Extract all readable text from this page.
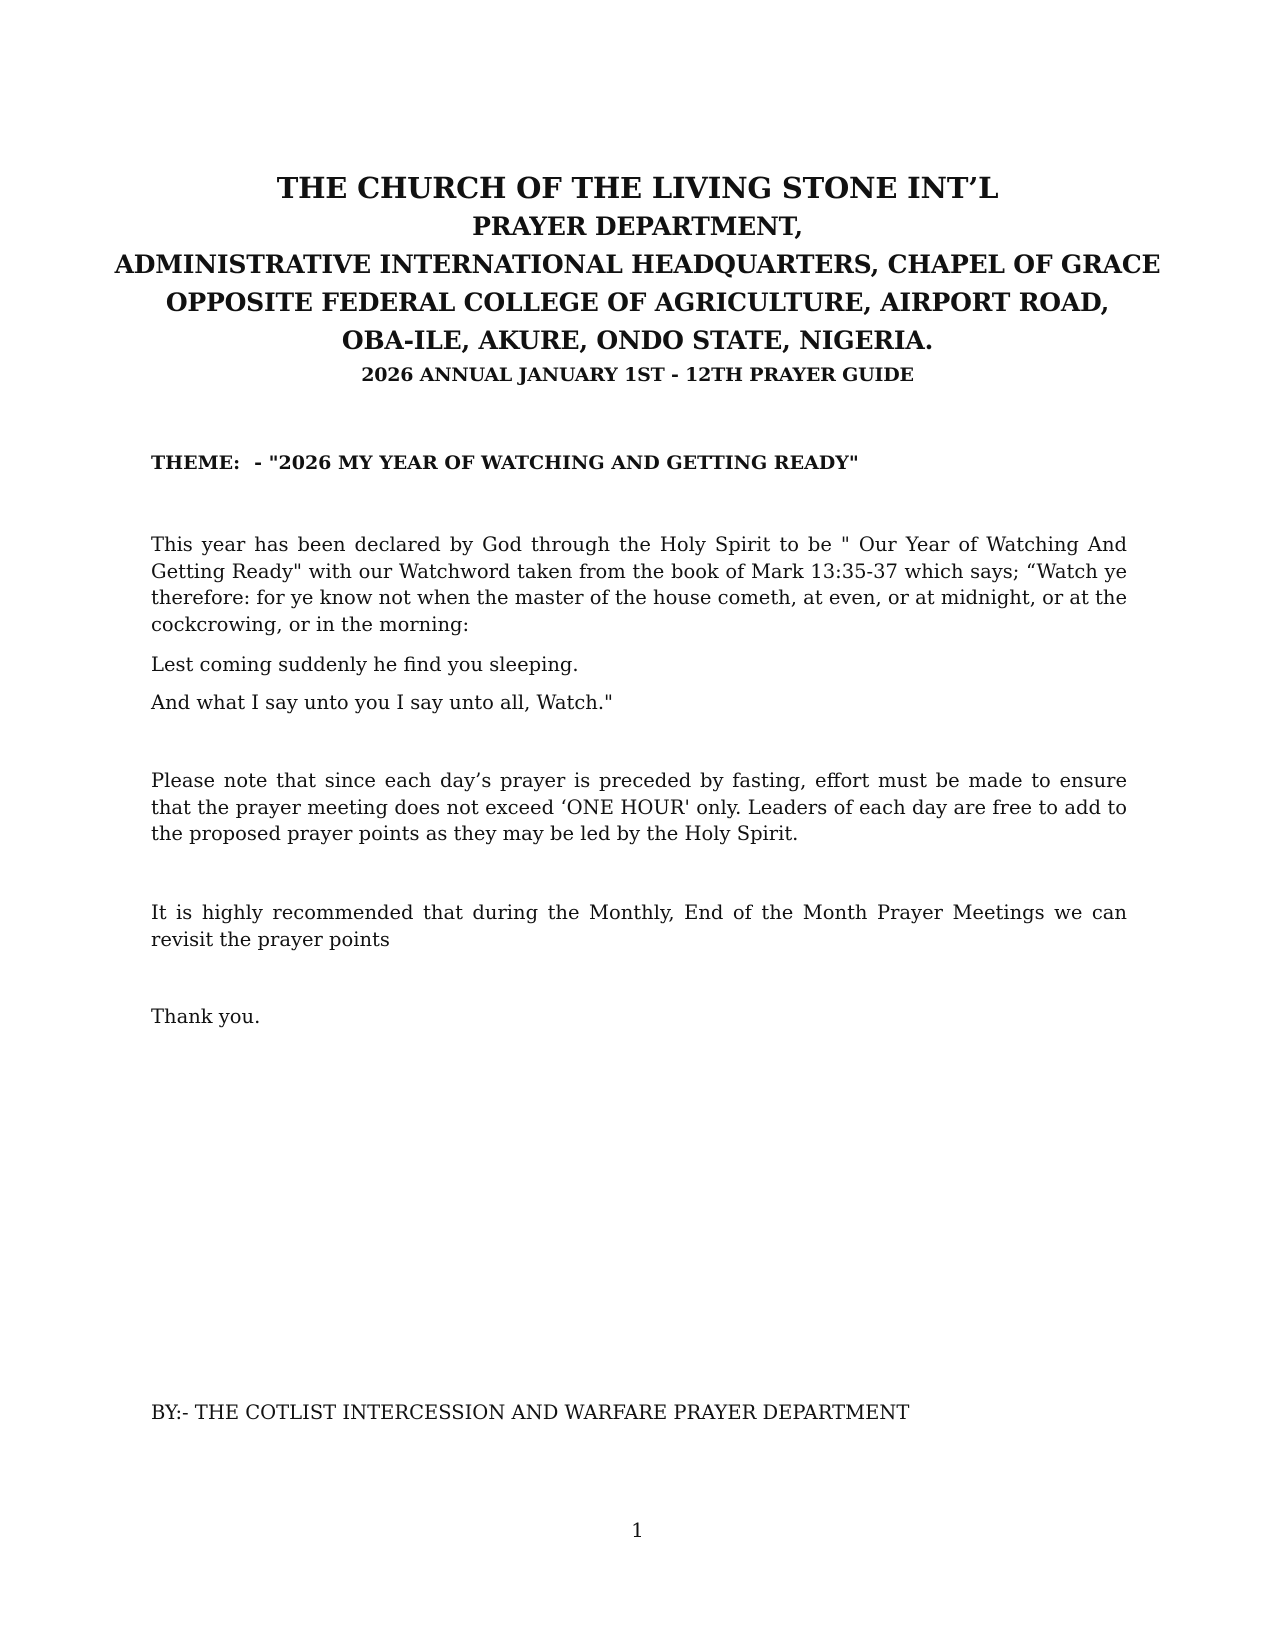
THE CHURCH OF THE LIVING STONE INT’L
PRAYER DEPARTMENT,
ADMINISTRATIVE INTERNATIONAL HEADQUARTERS, CHAPEL OF GRACE
OPPOSITE FEDERAL COLLEGE OF AGRICULTURE, AIRPORT ROAD,
OBA-ILE, AKURE, ONDO STATE, NIGERIA.
2026 ANNUAL JANUARY 1ST - 12TH PRAYER GUIDE
THEME: - "2026 MY YEAR OF WATCHING AND GETTING READY"
This year has been declared by God through the Holy Spirit to be " Our Year of Watching And Getting Ready" with our Watchword taken from the book of Mark 13:35-37 which says; “Watch ye therefore: for ye know not when the master of the house cometh, at even, or at midnight, or at the cockcrowing, or in the morning:
Lest coming suddenly he find you sleeping.
And what I say unto you I say unto all, Watch."
Please note that since each day’s prayer is preceded by fasting, effort must be made to ensure that the prayer meeting does not exceed ‘ONE HOUR' only. Leaders of each day are free to add to the proposed prayer points as they may be led by the Holy Spirit.
It is highly recommended that during the Monthly, End of the Month Prayer Meetings we can revisit the prayer points
Thank you.
BY:- THE COTLIST INTERCESSION AND WARFARE PRAYER DEPARTMENT
1
